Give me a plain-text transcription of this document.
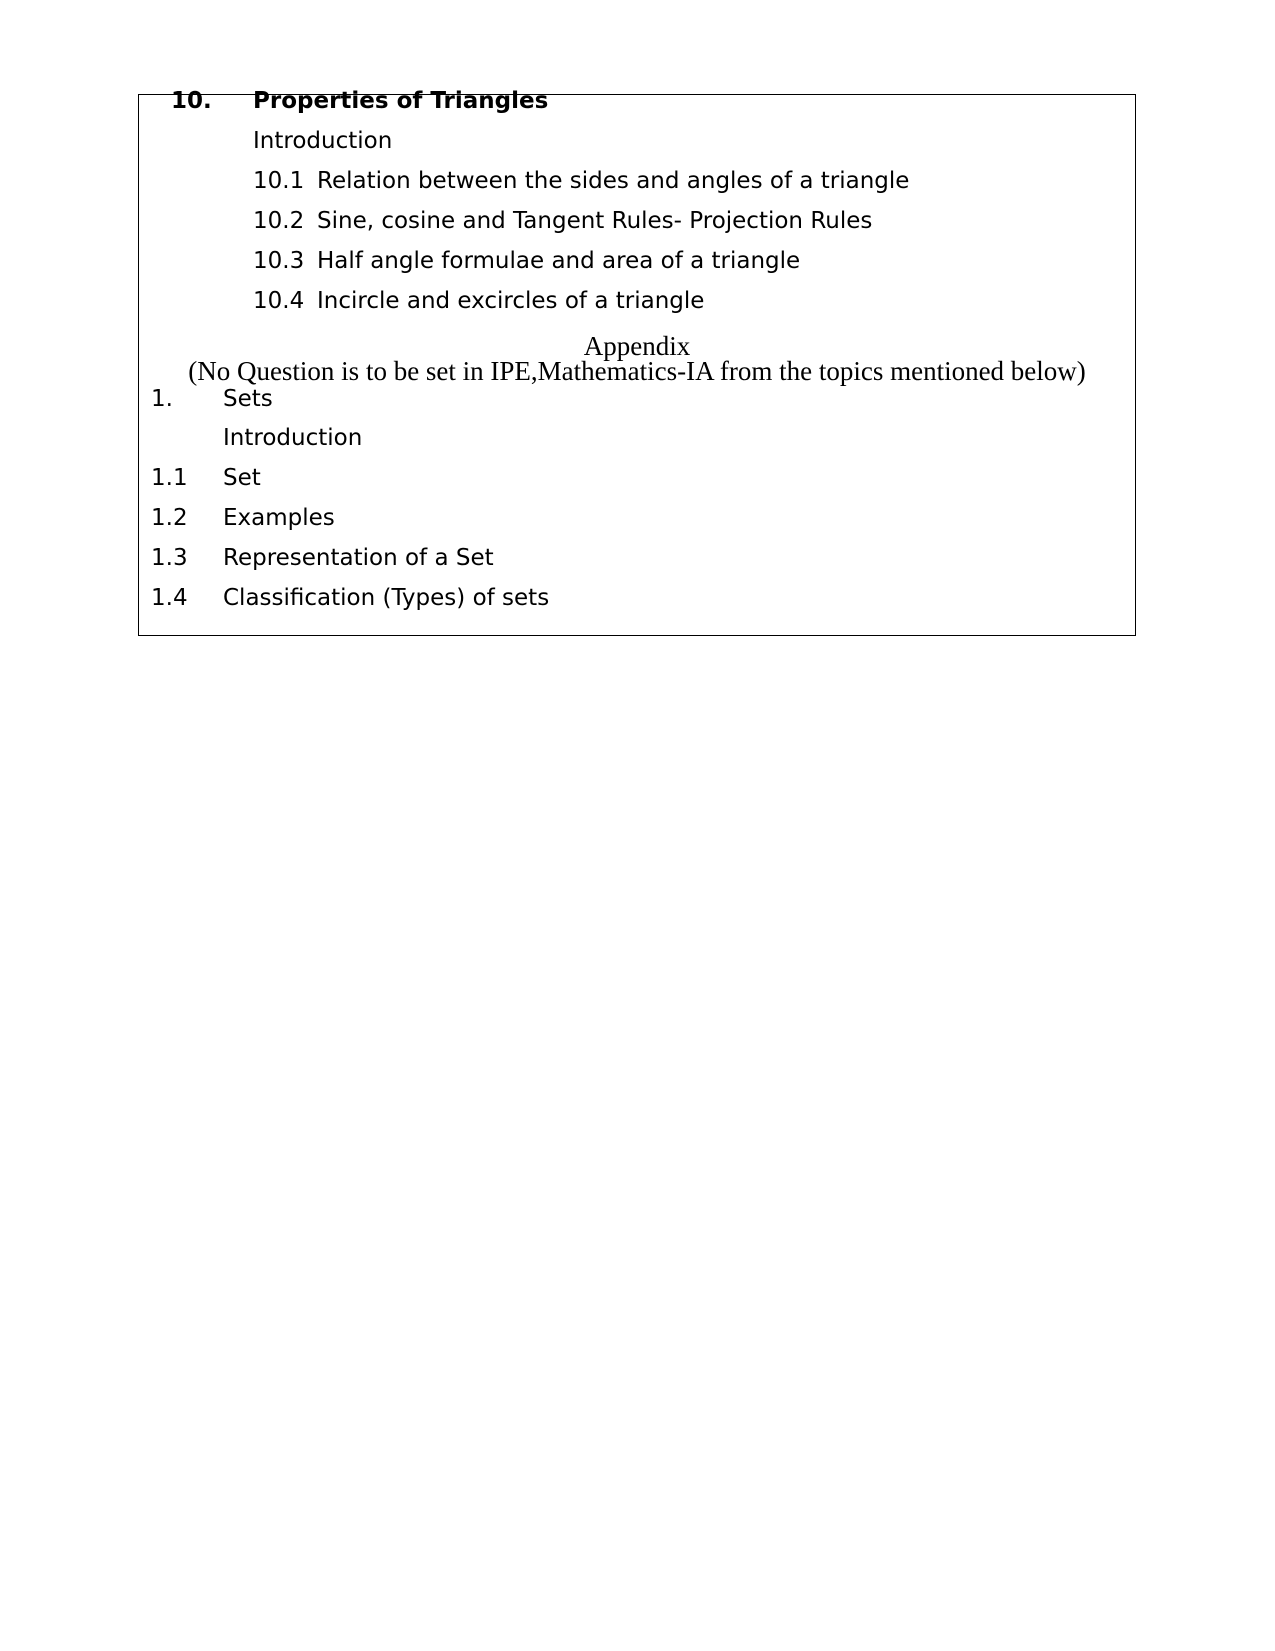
10. Properties of Triangles
Introduction
10.1 Relation between the sides and angles of a triangle
10.2 Sine, cosine and Tangent Rules- Projection Rules
10.3 Half angle formulae and area of a triangle
10.4 Incircle and excircles of a triangle
Appendix
(No Question is to be set in IPE,Mathematics-IA from the topics mentioned below)
1. Sets
Introduction
1.1 Set
1.2 Examples
1.3 Representation of a Set
1.4 Classification (Types) of sets
